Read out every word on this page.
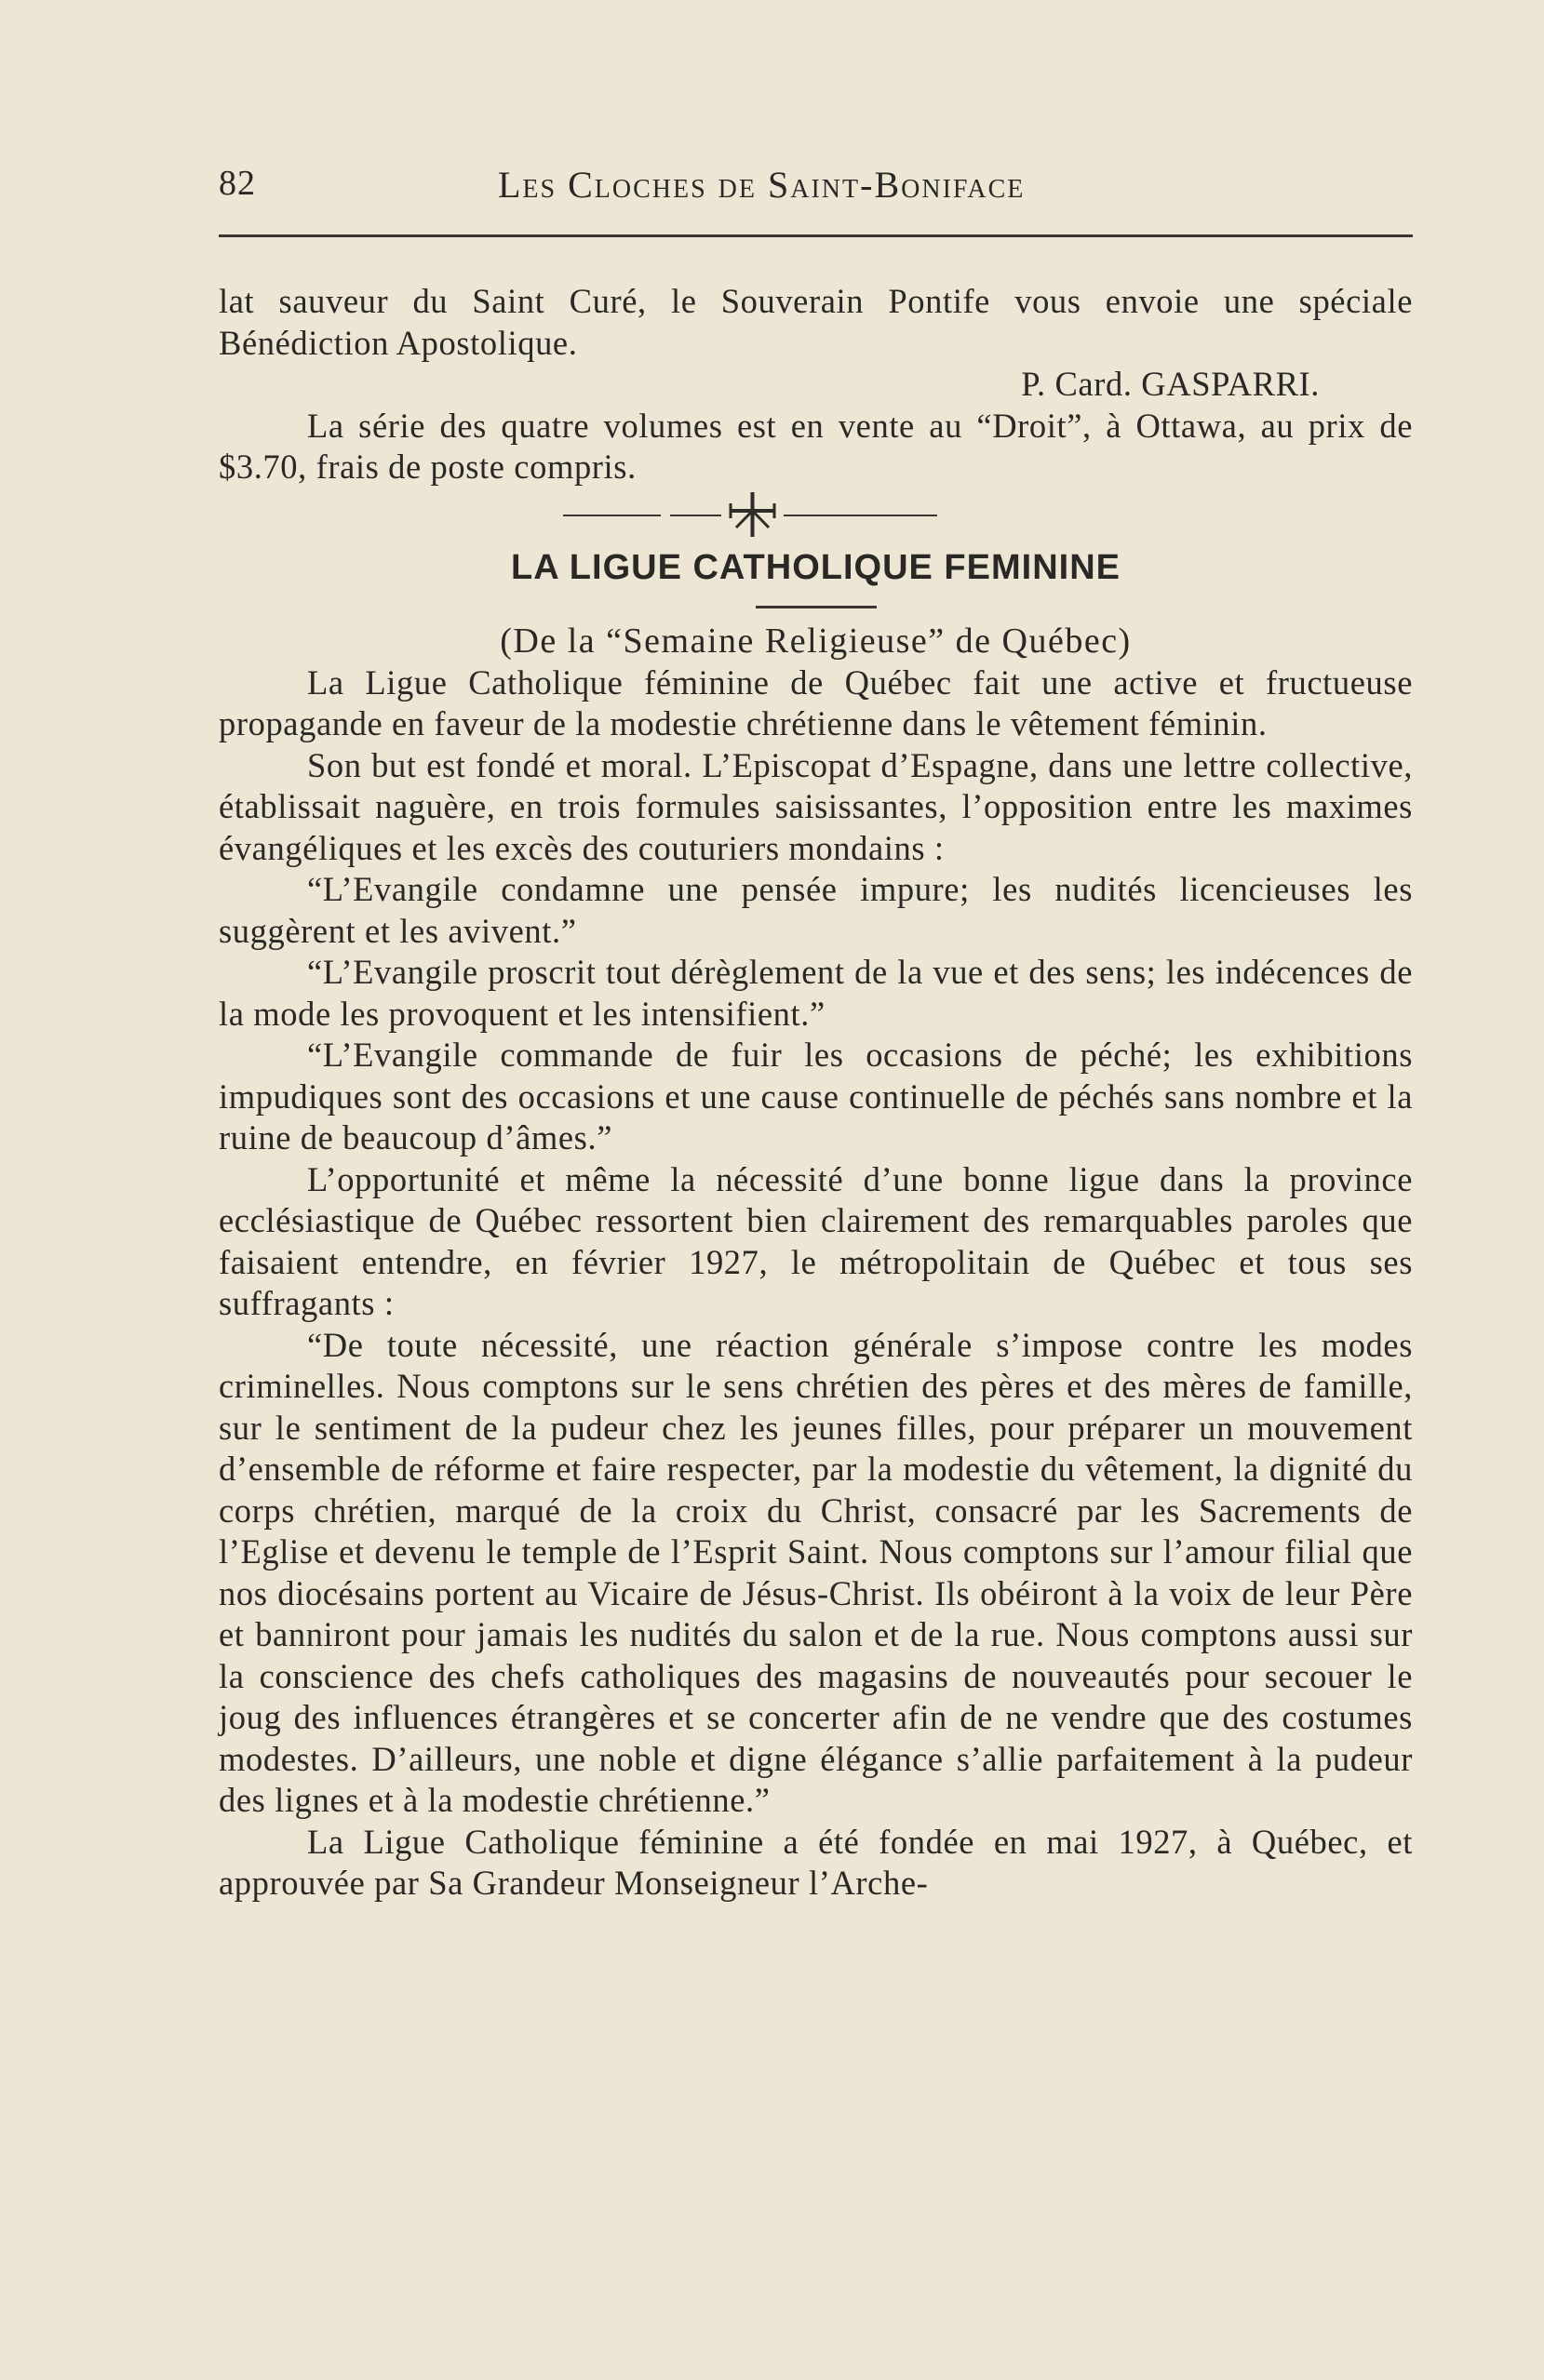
82	Les Cloches de Saint-Boniface

lat sauveur du Saint Curé, le Souverain Pontife vous envoie une spéciale Bénédiction Apostolique.

P. Card. GASPARRI.

La série des quatre volumes est en vente au “Droit”, à Ottawa, au prix de $3.70, frais de poste compris.

LA LIGUE CATHOLIQUE FEMININE

(De la “Semaine Religieuse” de Québec)

La Ligue Catholique féminine de Québec fait une active et fructueuse propagande en faveur de la modestie chrétienne dans le vêtement féminin.

Son but est fondé et moral. L’Episcopat d’Espagne, dans une lettre collective, établissait naguère, en trois formules saisissantes, l’opposition entre les maximes évangéliques et les excès des couturiers mondains :

“L’Evangile condamne une pensée impure; les nudités licencieuses les suggèrent et les avivent.”

“L’Evangile proscrit tout dérèglement de la vue et des sens; les indécences de la mode les provoquent et les intensifient.”

“L’Evangile commande de fuir les occasions de péché; les exhibitions impudiques sont des occasions et une cause continuelle de péchés sans nombre et la ruine de beaucoup d’âmes.”

L’opportunité et même la nécessité d’une bonne ligue dans la province ecclésiastique de Québec ressortent bien clairement des remarquables paroles que faisaient entendre, en février 1927, le métropolitain de Québec et tous ses suffragants :

“De toute nécessité, une réaction générale s’impose contre les modes criminelles. Nous comptons sur le sens chrétien des pères et des mères de famille, sur le sentiment de la pudeur chez les jeunes filles, pour préparer un mouvement d’ensemble de réforme et faire respecter, par la modestie du vêtement, la dignité du corps chrétien, marqué de la croix du Christ, consacré par les Sacrements de l’Eglise et devenu le temple de l’Esprit Saint. Nous comptons sur l’amour filial que nos diocésains portent au Vicaire de Jésus-Christ. Ils obéiront à la voix de leur Père et banniront pour jamais les nudités du salon et de la rue. Nous comptons aussi sur la conscience des chefs catholiques des magasins de nouveautés pour secouer le joug des influences étrangères et se concerter afin de ne vendre que des costumes modestes. D’ailleurs, une noble et digne élégance s’allie parfaitement à la pudeur des lignes et à la modestie chrétienne.”

La Ligue Catholique féminine a été fondée en mai 1927, à Québec, et approuvée par Sa Grandeur Monseigneur l’Arche-
